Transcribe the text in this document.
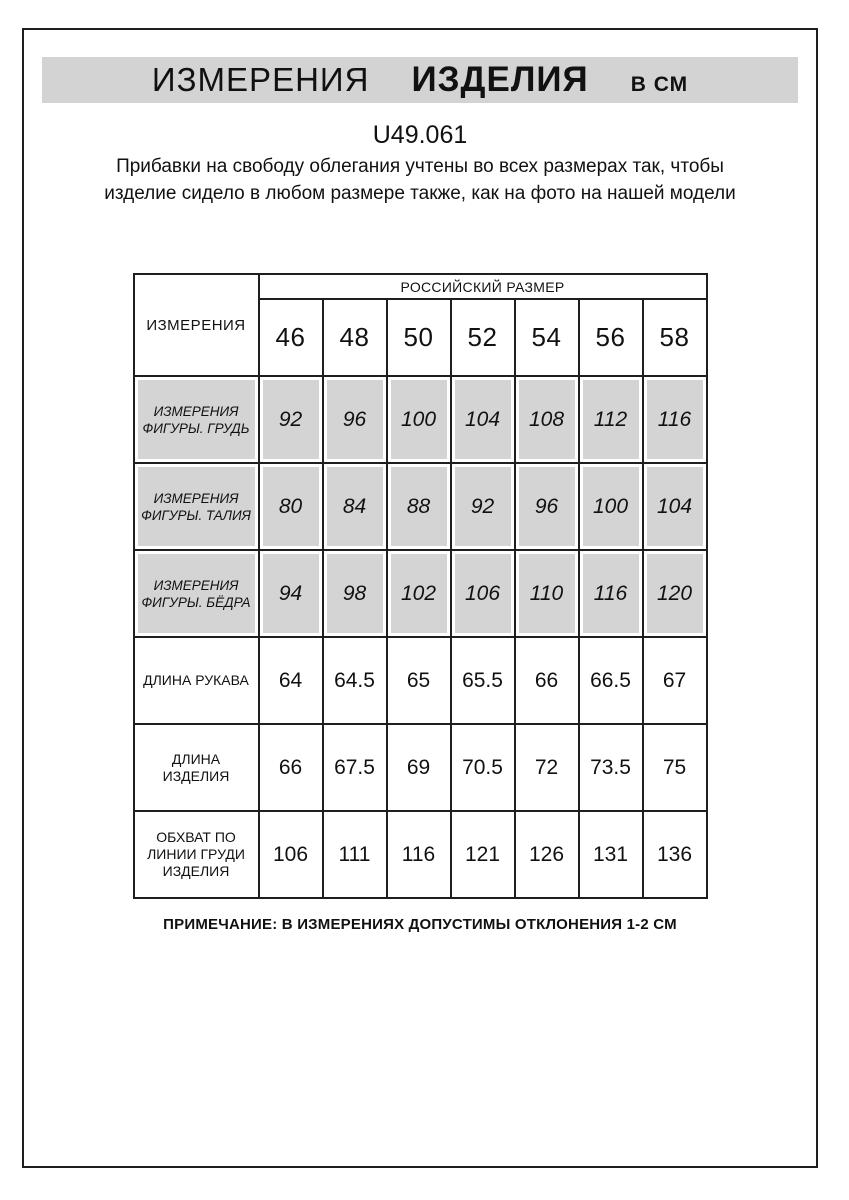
ИЗМЕРЕНИЯ ИЗДЕЛИЯ В СМ
U49.061
Прибавки на свободу облегания учтены во всех размерах так, чтобы изделие сидело в любом размере также, как на фото на нашей модели
ИЗМЕРЕНИЯ	РОССИЙСКИЙ РАЗМЕР						
	46	48	50	52	54	56	58
ИЗМЕРЕНИЯ ФИГУРЫ. ГРУДЬ	92	96	100	104	108	112	116
ИЗМЕРЕНИЯ ФИГУРЫ. ТАЛИЯ	80	84	88	92	96	100	104
ИЗМЕРЕНИЯ ФИГУРЫ. БЁДРА	94	98	102	106	110	116	120
ДЛИНА РУКАВА	64	64.5	65	65.5	66	66.5	67
ДЛИНА ИЗДЕЛИЯ	66	67.5	69	70.5	72	73.5	75
ОБХВАТ ПО ЛИНИИ ГРУДИ ИЗДЕЛИЯ	106	111	116	121	126	131	136
ПРИМЕЧАНИЕ: В ИЗМЕРЕНИЯХ ДОПУСТИМЫ ОТКЛОНЕНИЯ 1-2 СМ
